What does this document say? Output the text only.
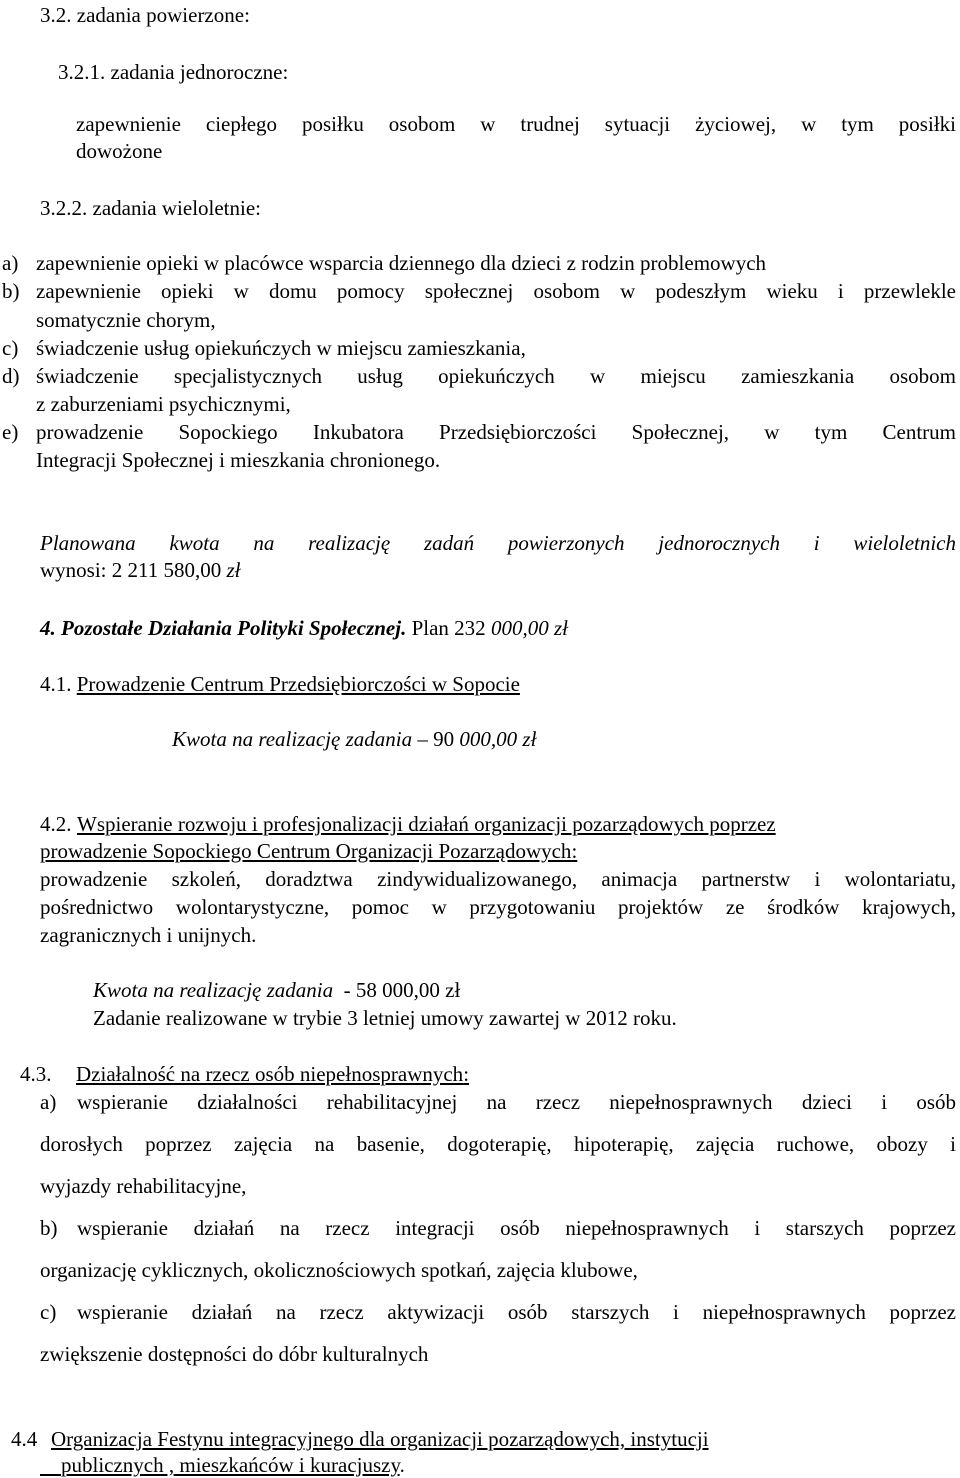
3.2. zadania powierzone:
3.2.1. zadania jednoroczne:
zapewnienie ciepłego posiłku osobom w trudnej sytuacji życiowej, w tym posiłki
dowożone
3.2.2. zadania wieloletnie:
a) zapewnienie opieki w placówce wsparcia dziennego dla dzieci z rodzin problemowych
b) zapewnienie opieki w domu pomocy społecznej osobom w podeszłym wieku i przewlekle
somatycznie chorym,
c) świadczenie usług opiekuńczych w miejscu zamieszkania,
d) świadczenie specjalistycznych usług opiekuńczych w miejscu zamieszkania osobom
z zaburzeniami psychicznymi,
e) prowadzenie Sopockiego Inkubatora Przedsiębiorczości Społecznej, w tym Centrum
Integracji Społecznej i mieszkania chronionego.
Planowana kwota na realizację zadań powierzonych jednorocznych i wieloletnich
wynosi: 2 211 580,00 zł
4. Pozostałe Działania Polityki Społecznej. Plan 232 000,00 zł
4.1. Prowadzenie Centrum Przedsiębiorczości w Sopocie
Kwota na realizację zadania – 90 000,00 zł
4.2. Wspieranie rozwoju i profesjonalizacji działań organizacji pozarządowych poprzez
prowadzenie Sopockiego Centrum Organizacji Pozarządowych:
prowadzenie szkoleń, doradztwa zindywidualizowanego, animacja partnerstw i wolontariatu,
pośrednictwo wolontarystyczne, pomoc w przygotowaniu projektów ze środków krajowych,
zagranicznych i unijnych.
Kwota na realizację zadania  - 58 000,00 zł
Zadanie realizowane w trybie 3 letniej umowy zawartej w 2012 roku.
4.3. Działalność na rzecz osób niepełnosprawnych:
a) wspieranie działalności rehabilitacyjnej na rzecz niepełnosprawnych dzieci i osób
dorosłych poprzez zajęcia na basenie, dogoterapię, hipoterapię, zajęcia ruchowe, obozy i
wyjazdy rehabilitacyjne,
b) wspieranie działań na rzecz integracji osób niepełnosprawnych i starszych poprzez
organizację cyklicznych, okolicznościowych spotkań, zajęcia klubowe,
c) wspieranie działań na rzecz aktywizacji osób starszych i niepełnosprawnych poprzez
zwiększenie dostępności do dóbr kulturalnych
4.4 Organizacja Festynu integracyjnego dla organizacji pozarządowych, instytucji
publicznych , mieszkańców i kuracjuszy.
